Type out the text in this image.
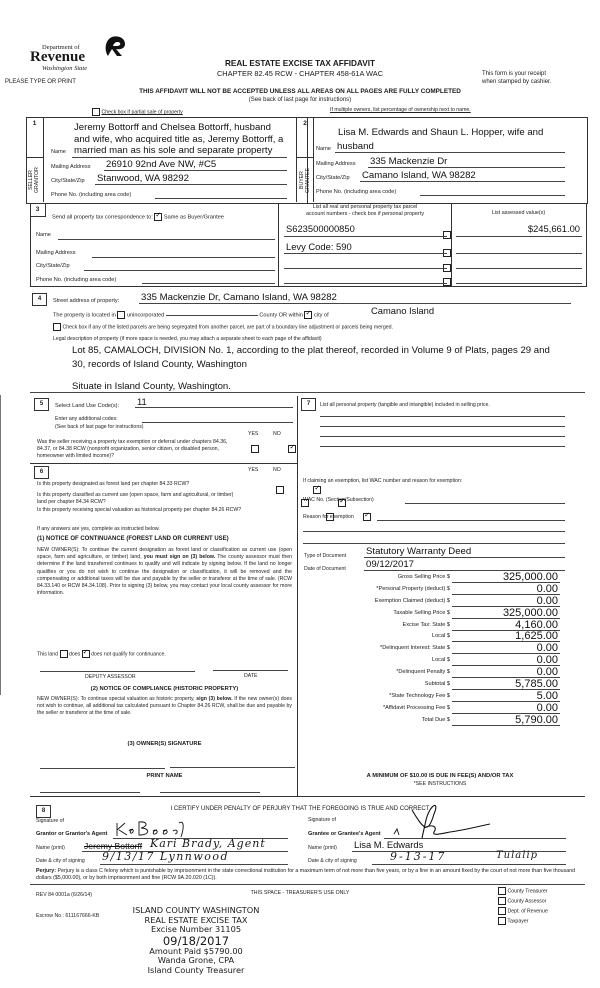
Department of
Revenue
Washington State
PLEASE TYPE OR PRINT
REAL ESTATE EXCISE TAX AFFIDAVIT
CHAPTER 82.45 RCW - CHAPTER 458-61A WAC	This form is your receipt
when stamped by cashier.
THIS AFFIDAVIT WILL NOT BE ACCEPTED UNLESS ALL AREAS ON ALL PAGES ARE FULLY COMPLETED
(See back of last page for instructions)
Check box if partial sale of property	If multiple owners, list percentage of ownership next to name.
1
SELLER GRANTOR
Jeremy Bottorff and Chelsea Bottorff, husband
and wife, who acquired title as, Jeremy Bottorff, a
Name married man as his sole and separate property
Mailing Address 26910 92nd Ave NW, #C5
City/State/Zip Stanwood, WA 98292
Phone No. (including area code)
2
BUYER GRANTEE
Lisa M. Edwards and Shaun L. Hopper, wife and
Name husband
Mailing Address 335 Mackenzie Dr
City/State/Zip Camano Island, WA 98282
Phone No. (including area code)
3
Send all property tax correspondence to: ✓ Same as Buyer/Grantee
Name
Mailing Address
City/State/Zip
Phone No. (including area code)
List all real and personal property tax parcel
account numbers - check box if personal property	List assessed value(s)
S623500000850	$245,661.00
Levy Code: 590
4	Street address of property: 335 Mackenzie Dr, Camano Island, WA 98282
The property is located in unincorporated	County OR within ✓ city of	Camano Island
Check box if any of the listed parcels are being segregated from another parcel, are part of a boundary line adjustment or parcels being merged.
Legal description of property (if more space is needed, you may attach a separate sheet to each page of the affidavit)
Lot 85, CAMALOCH, DIVISION No. 1, according to the plat thereof, recorded in Volume 9 of Plats, pages 29 and
30, records of Island County, Washington
Situate in Island County, Washington.
5	Select Land Use Code(s): 11
Enter any additional codes:
(See back of last page for instructions)
YES	NO
Was the seller receiving a property tax exemption or deferral under chapters 84.36, 84.37, or 84.38 RCW (nonprofit organization, senior citizen, or disabled person, homeowner with limited income)?
✓
6	YES	NO
Is this property designated as forest land per chapter 84.33 RCW?
✓
Is this property classified as current use (open space, farm and agricultural, or timber) land per chapter 84.34 RCW?
✓
Is this property receiving special valuation as historical property per chapter 84.26 RCW?
✓
If any answers are yes, complete as instructed below.
(1) NOTICE OF CONTINUANCE (FOREST LAND OR CURRENT USE)
NEW OWNER(S): To continue the current designation as forest land or classification as current use (open space, farm and agriculture, or timber) land, you must sign on (3) below. The county assessor must then determine if the land transferred continues to qualify and will indicate by signing below. If the land no longer qualifies or you do not wish to continue the designation or classification, it will be removed and the compensating or additional taxes will be due and payable by the seller or transferor at the time of sale. (RCW 84.33.140 or RCW 84.34.108). Prior to signing (3) below, you may contact your local county assessor for more information.
This land does ✓ does not qualify for continuance.
DEPUTY ASSESSOR	DATE
(2) NOTICE OF COMPLIANCE (HISTORIC PROPERTY)
NEW OWNER(S): To continue special valuation as historic property, sign (3) below. If the new owner(s) does not wish to continue, all additional tax calculated pursuant to Chapter 84.26 RCW, shall be due and payable by the seller or transferor at the time of sale.
(3) OWNER(S) SIGNATURE
PRINT NAME
7	List all personal property (tangible and intangible) included in selling price.
If claiming an exemption, list WAC number and reason for exemption:
WAC No. (Section/Subsection)
Reason for exemption
Type of Document Statutory Warranty Deed
Date of Document 09/12/2017
Gross Selling Price $	325,000.00
*Personal Property (deduct) $	0.00
Exemption Claimed (deduct) $	0.00
Taxable Selling Price $	325,000.00
Excise Tax: State $	4,160.00
Local $	1,625.00
*Delinquent Interest: State $	0.00
Local $	0.00
*Delinquent Penalty $	0.00
Subtotal $	5,785.00
*State Technology Fee $	5.00
*Affidavit Processing Fee $	0.00
Total Due $	5,790.00
A MINIMUM OF $10.00 IS DUE IN FEE(S) AND/OR TAX
*SEE INSTRUCTIONS
8	I CERTIFY UNDER PENALTY OF PERJURY THAT THE FOREGOING IS TRUE AND CORRECT
Signature of
Grantor or Grantor's Agent
Name (print) Jeremy Bottorff Kari Brady, Agent
Date & city of signing 9/13/17 Lynnwood
Signature of
Grantee or Grantee's Agent
Name (print) Lisa M. Edwards
Date & city of signing	9-13-17	Tulalip
Perjury: Perjury is a class C felony which is punishable by imprisonment in the state correctional institution for a maximum term of not more than five years, or by a fine in an amount fixed by the court of not more than five thousand dollars ($5,000.00), or by both imprisonment and fine (RCW 9A.20.020 (1C)).
REV 84 0001a (6/26/14)	THIS SPACE - TREASURER'S USE ONLY
Escrow No.: 611167666-KB
County Treasurer
County Assessor
Dept. of Revenue
Taxpayer
ISLAND COUNTY WASHINGTON
REAL ESTATE EXCISE TAX
Excise Number 31105
09/18/2017
Amount Paid $5790.00
Wanda Grone, CPA
Island County Treasurer
